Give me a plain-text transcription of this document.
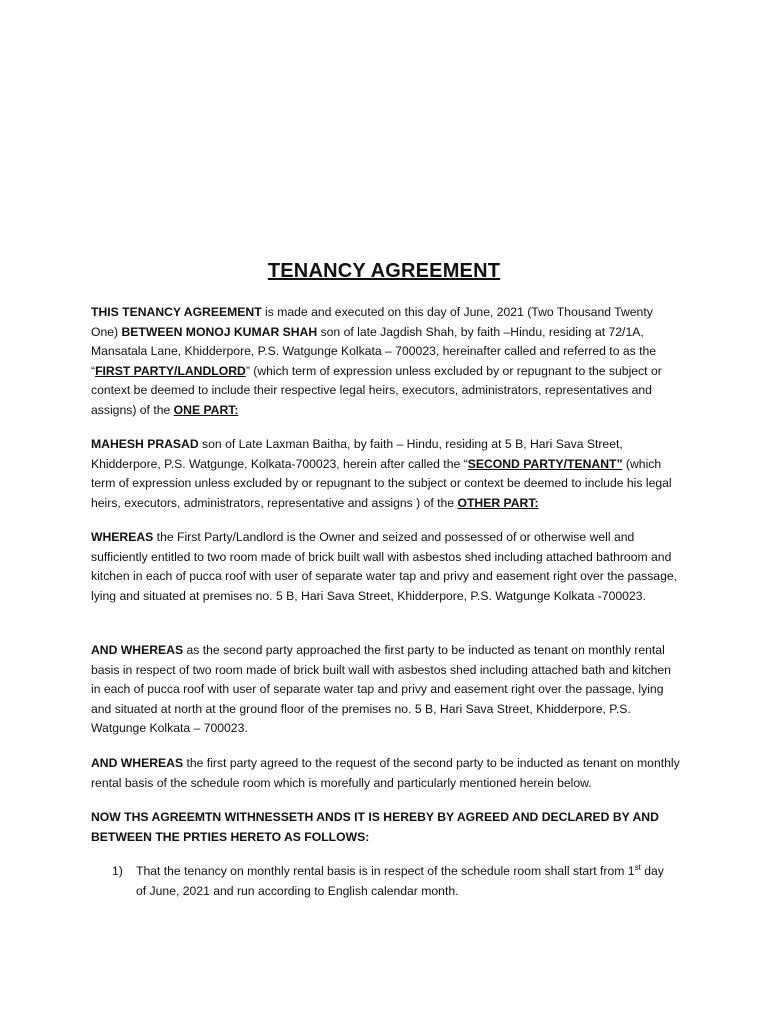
TENANCY AGREEMENT

THIS TENANCY AGREEMENT is made and executed on this day of June, 2021 (Two Thousand Twenty One) BETWEEN MONOJ KUMAR SHAH son of late Jagdish Shah, by faith –Hindu, residing at 72/1A, Mansatala Lane, Khidderpore, P.S. Watgunge Kolkata – 700023, hereinafter called and referred to as the “FIRST PARTY/LANDLORD” (which term of expression unless excluded by or repugnant to the subject or context be deemed to include their respective legal heirs, executors, administrators, representatives and assigns) of the ONE PART:

MAHESH PRASAD son of Late Laxman Baitha, by faith – Hindu, residing at 5 B, Hari Sava Street, Khidderpore, P.S. Watgunge, Kolkata-700023, herein after called the “SECOND PARTY/TENANT” (which term of expression unless excluded by or repugnant to the subject or context be deemed to include his legal heirs, executors, administrators, representative and assigns ) of the OTHER PART:

WHEREAS the First Party/Landlord is the Owner and seized and possessed of or otherwise well and sufficiently entitled to two room made of brick built wall with asbestos shed including attached bathroom and kitchen in each of pucca roof with user of separate water tap and privy and easement right over the passage, lying and situated at premises no. 5 B, Hari Sava Street, Khidderpore, P.S. Watgunge Kolkata -700023.

AND WHEREAS as the second party approached the first party to be inducted as tenant on monthly rental basis in respect of two room made of brick built wall with asbestos shed including attached bath and kitchen in each of pucca roof with user of separate water tap and privy and easement right over the passage, lying and situated at north at the ground floor of the premises no. 5 B, Hari Sava Street, Khidderpore, P.S. Watgunge Kolkata – 700023.

AND WHEREAS the first party agreed to the request of the second party to be inducted as tenant on monthly rental basis of the schedule room which is morefully and particularly mentioned herein below.

NOW THS AGREEMTN WITHNESSETH ANDS IT IS HEREBY BY AGREED AND DECLARED BY AND BETWEEN THE PRTIES HERETO AS FOLLOWS:

1) That the tenancy on monthly rental basis is in respect of the schedule room shall start from 1st day of June, 2021 and run according to English calendar month.
